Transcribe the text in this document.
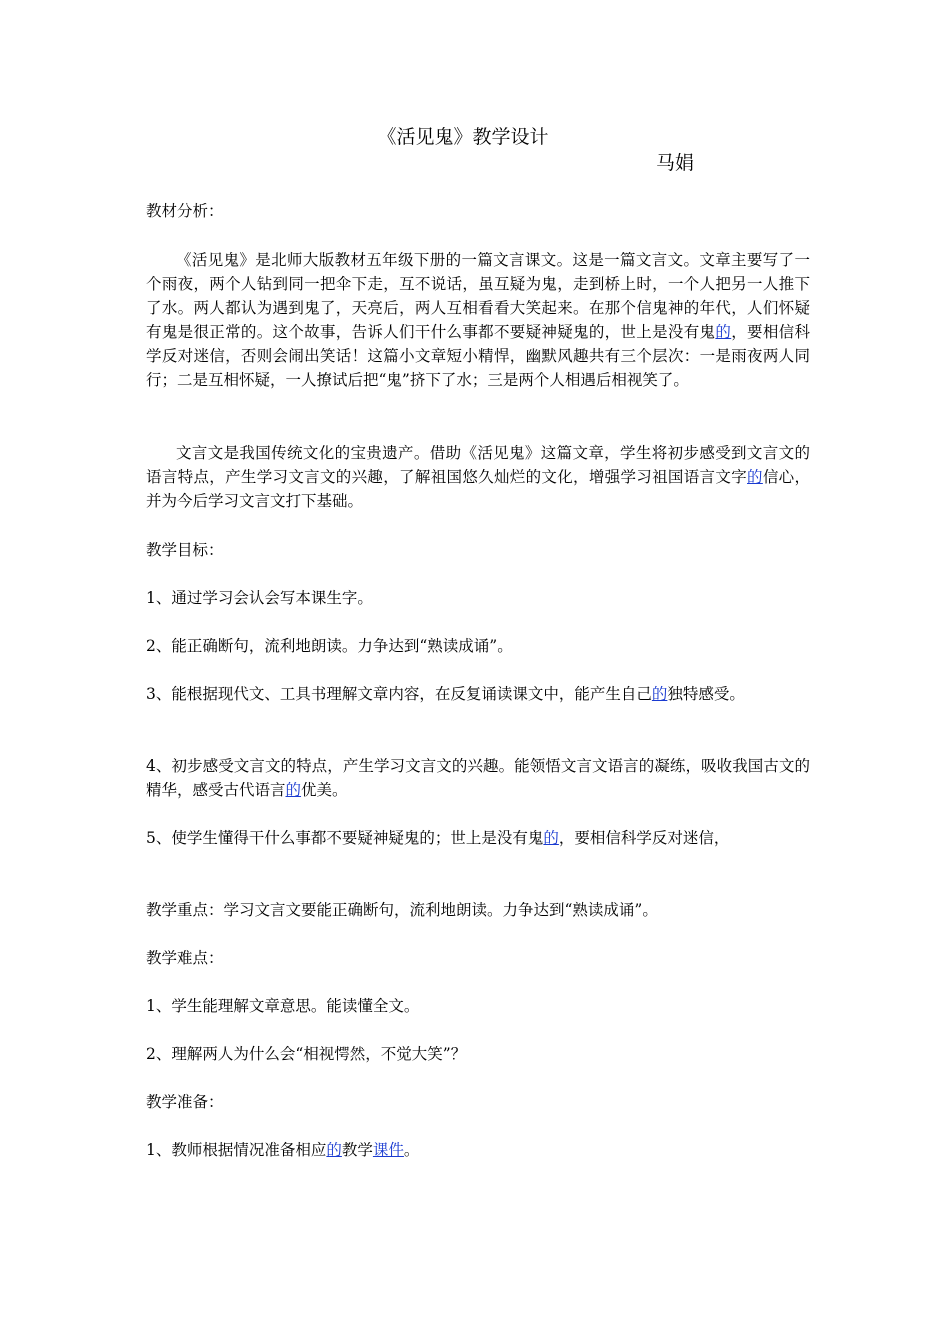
《活见鬼》教学设计
马娟

教材分析：

《活见鬼》是北师大版教材五年级下册的一篇文言课文。这是一篇文言文。文章主要写了一个雨夜，两个人钻到同一把伞下走，互不说话，虽互疑为鬼，走到桥上时，一个人把另一人推下了水。两人都认为遇到鬼了，天亮后，两人互相看看大笑起来。在那个信鬼神的年代，人们怀疑有鬼是很正常的。这个故事，告诉人们干什么事都不要疑神疑鬼的，世上是没有鬼的，要相信科学反对迷信，否则会闹出笑话！这篇小文章短小精悍，幽默风趣共有三个层次：一是雨夜两人同行；二是互相怀疑，一人撩试后把“鬼”挤下了水；三是两个人相遇后相视笑了。

文言文是我国传统文化的宝贵遗产。借助《活见鬼》这篇文章，学生将初步感受到文言文的语言特点，产生学习文言文的兴趣，了解祖国悠久灿烂的文化，增强学习祖国语言文字的信心，并为今后学习文言文打下基础。

教学目标：

1、通过学习会认会写本课生字。

2、能正确断句，流利地朗读。力争达到“熟读成诵”。

3、能根据现代文、工具书理解文章内容，在反复诵读课文中，能产生自己的独特感受。

4、初步感受文言文的特点，产生学习文言文的兴趣。能领悟文言文语言的凝练，吸收我国古文的精华，感受古代语言的优美。

5、使学生懂得干什么事都不要疑神疑鬼的；世上是没有鬼的，要相信科学反对迷信，

教学重点：学习文言文要能正确断句，流利地朗读。力争达到“熟读成诵”。

教学难点：

1、学生能理解文章意思。能读懂全文。

2、理解两人为什么会“相视愕然，不觉大笑”？

教学准备：

1、教师根据情况准备相应的教学课件。
